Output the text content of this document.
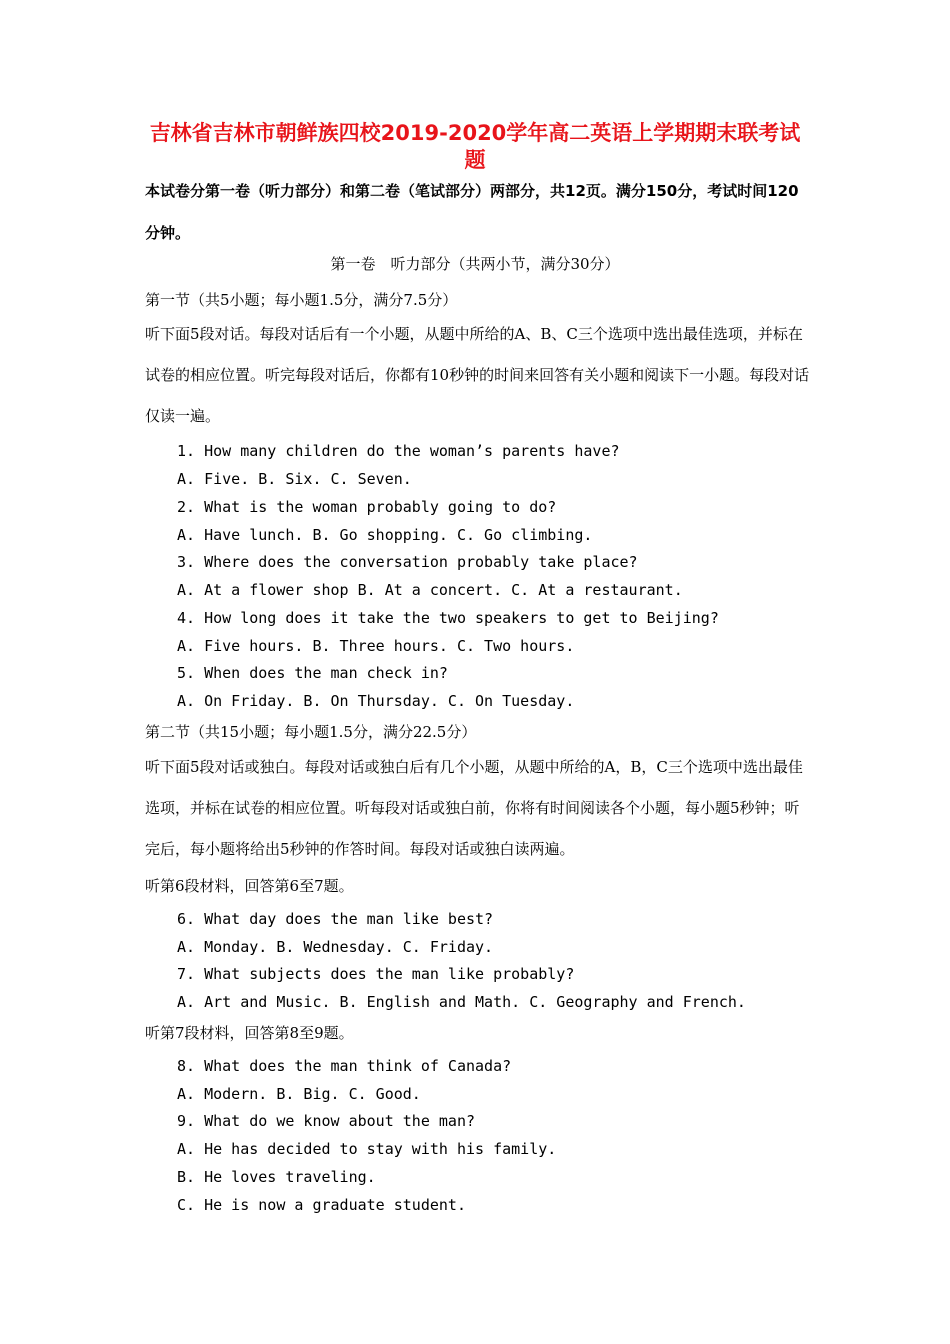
吉林省吉林市朝鲜族四校2019-2020学年高二英语上学期期末联考试题

本试卷分第一卷（听力部分）和第二卷（笔试部分）两部分，共12页。满分150分，考试时间120分钟。

第一卷　听力部分（共两小节，满分30分）
第一节（共5小题；每小题1.5分，满分7.5分）

听下面5段对话。每段对话后有一个小题，从题中所给的A、B、C三个选项中选出最佳选项，并标在试卷的相应位置。听完每段对话后，你都有10秒钟的时间来回答有关小题和阅读下一小题。每段对话仅读一遍。

1. How many children do the woman’s parents have?
A. Five. B. Six. C. Seven.
2. What is the woman probably going to do?
A. Have lunch. B. Go shopping. C. Go climbing.
3. Where does the conversation probably take place?
A. At a flower shop B. At a concert. C. At a restaurant.
4. How long does it take the two speakers to get to Beijing?
A. Five hours. B. Three hours. C. Two hours.
5. When does the man check in?
A. On Friday. B. On Thursday. C. On Tuesday.
第二节（共15小题；每小题1.5分，满分22.5分）

听下面5段对话或独白。每段对话或独白后有几个小题，从题中所给的A，B，C三个选项中选出最佳选项，并标在试卷的相应位置。听每段对话或独白前，你将有时间阅读各个小题，每小题5秒钟；听完后，每小题将给出5秒钟的作答时间。每段对话或独白读两遍。

听第6段材料，回答第6至7题。
6. What day does the man like best?
A. Monday. B. Wednesday. C. Friday.
7. What subjects does the man like probably?
A. Art and Music. B. English and Math. C. Geography and French.
听第7段材料，回答第8至9题。
8. What does the man think of Canada?
A. Modern. B. Big. C. Good.
9. What do we know about the man?
A. He has decided to stay with his family.
B. He loves traveling.
C. He is now a graduate student.
